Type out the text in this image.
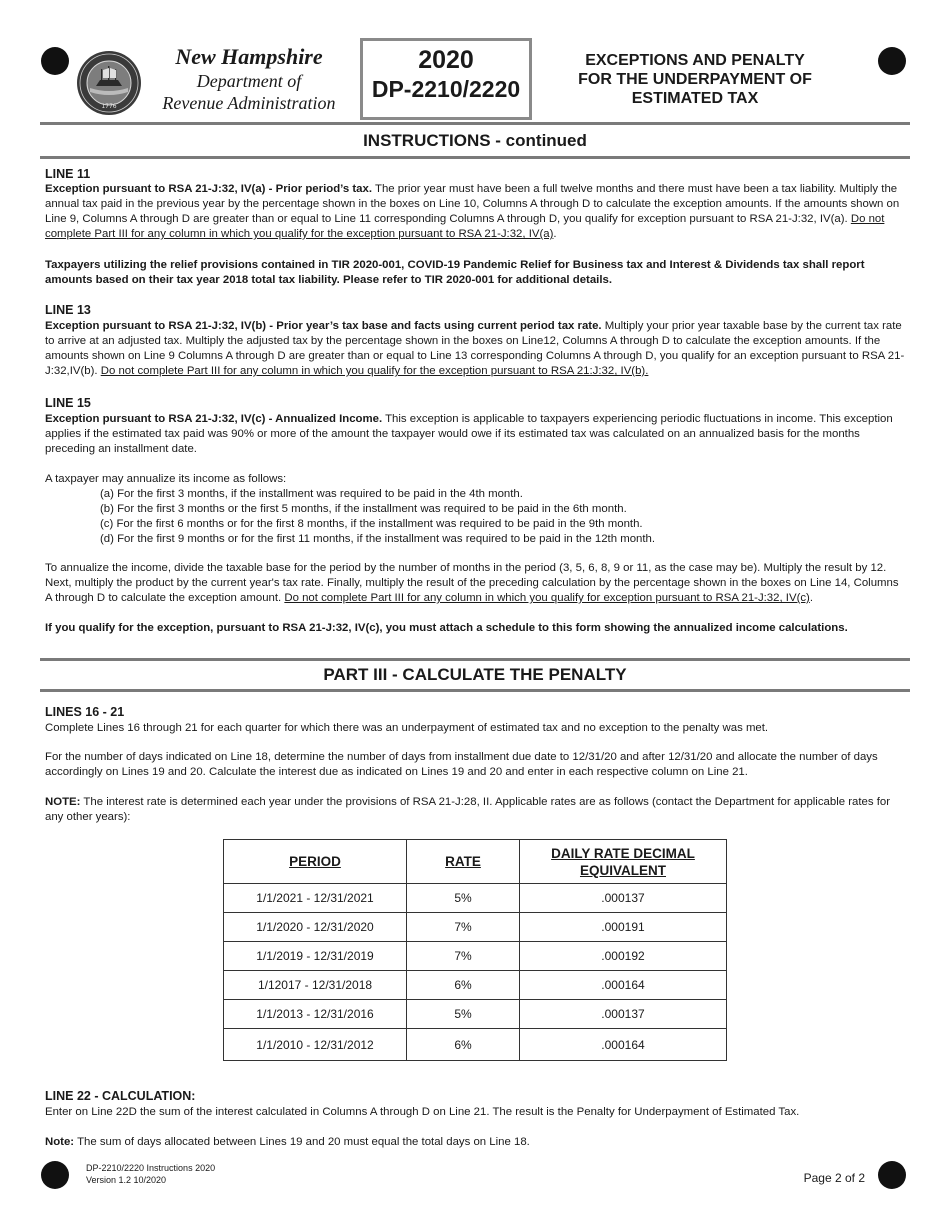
1776
New Hampshire
Department of
Revenue Administration
2020
DP-2210/2220
EXCEPTIONS AND PENALTY
FOR THE UNDERPAYMENT OF
ESTIMATED TAX
INSTRUCTIONS - continued
LINE 11
Exception pursuant to RSA 21-J:32, IV(a) - Prior period’s tax. The prior year must have been a full twelve months and there must have been a tax liability. Multiply the annual tax paid in the previous year by the percentage shown in the boxes on Line 10, Columns A through D to calculate the exception amounts. If the amounts shown on Line 9, Columns A through D are greater than or equal to Line 11 corresponding Columns A through D, you qualify for exception pursuant to RSA 21-J:32, IV(a). Do not complete Part III for any column in which you qualify for the exception pursuant to RSA 21-J:32, IV(a).
Taxpayers utilizing the relief provisions contained in TIR 2020-001, COVID-19 Pandemic Relief for Business tax and Interest & Dividends tax shall report amounts based on their tax year 2018 total tax liability. Please refer to TIR 2020-001 for additional details.
LINE 13
Exception pursuant to RSA 21-J:32, IV(b) - Prior year’s tax base and facts using current period tax rate. Multiply your prior year taxable base by the current tax rate to arrive at an adjusted tax. Multiply the adjusted tax by the percentage shown in the boxes on Line12, Columns A through D to calculate the exception amounts. If the amounts shown on Line 9 Columns A through D are greater than or equal to Line 13 corresponding Columns A through D, you qualify for an exception pursuant to RSA 21-J:32,IV(b). Do not complete Part III for any column in which you qualify for the exception pursuant to RSA 21:J:32, IV(b).
LINE 15
Exception pursuant to RSA 21-J:32, IV(c) - Annualized Income. This exception is applicable to taxpayers experiencing periodic fluctuations in income. This exception applies if the estimated tax paid was 90% or more of the amount the taxpayer would owe if its estimated tax was calculated on an annualized basis for the months preceding an installment date.
A taxpayer may annualize its income as follows:
(a) For the first 3 months, if the installment was required to be paid in the 4th month.
(b) For the first 3 months or the first 5 months, if the installment was required to be paid in the 6th month.
(c) For the first 6 months or for the first 8 months, if the installment was required to be paid in the 9th month.
(d) For the first 9 months or for the first 11 months, if the installment was required to be paid in the 12th month.
To annualize the income, divide the taxable base for the period by the number of months in the period (3, 5, 6, 8, 9 or 11, as the case may be). Multiply the result by 12. Next, multiply the product by the current year's tax rate. Finally, multiply the result of the preceding calculation by the percentage shown in the boxes on Line 14, Columns A through D to calculate the exception amount. Do not complete Part III for any column in which you qualify for exception pursuant to RSA 21-J:32, IV(c).
If you qualify for the exception, pursuant to RSA 21-J:32, IV(c), you must attach a schedule to this form showing the annualized income calculations.
PART III - CALCULATE THE PENALTY
LINES 16 - 21
Complete Lines 16 through 21 for each quarter for which there was an underpayment of estimated tax and no exception to the penalty was met.
For the number of days indicated on Line 18, determine the number of days from installment due date to 12/31/20 and after 12/31/20 and allocate the number of days accordingly on Lines 19 and 20. Calculate the interest due as indicated on Lines 19 and 20 and enter in each respective column on Line 21.
NOTE: The interest rate is determined each year under the provisions of RSA 21-J:28, II. Applicable rates are as follows (contact the Department for applicable rates for any other years):
PERIOD	RATE	DAILY RATE DECIMAL
EQUIVALENT
1/1/2021 - 12/31/2021	5%	.000137
1/1/2020 - 12/31/2020	7%	.000191
1/1/2019 - 12/31/2019	7%	.000192
1/12017 - 12/31/2018	6%	.000164
1/1/2013 - 12/31/2016	5%	.000137
1/1/2010 - 12/31/2012	6%	.000164
LINE 22 - CALCULATION:
Enter on Line 22D the sum of the interest calculated in Columns A through D on Line 21. The result is the Penalty for Underpayment of Estimated Tax.
Note: The sum of days allocated between Lines 19 and 20 must equal the total days on Line 18.
DP-2210/2220 Instructions 2020
Version 1.2 10/2020	Page 2 of 2
